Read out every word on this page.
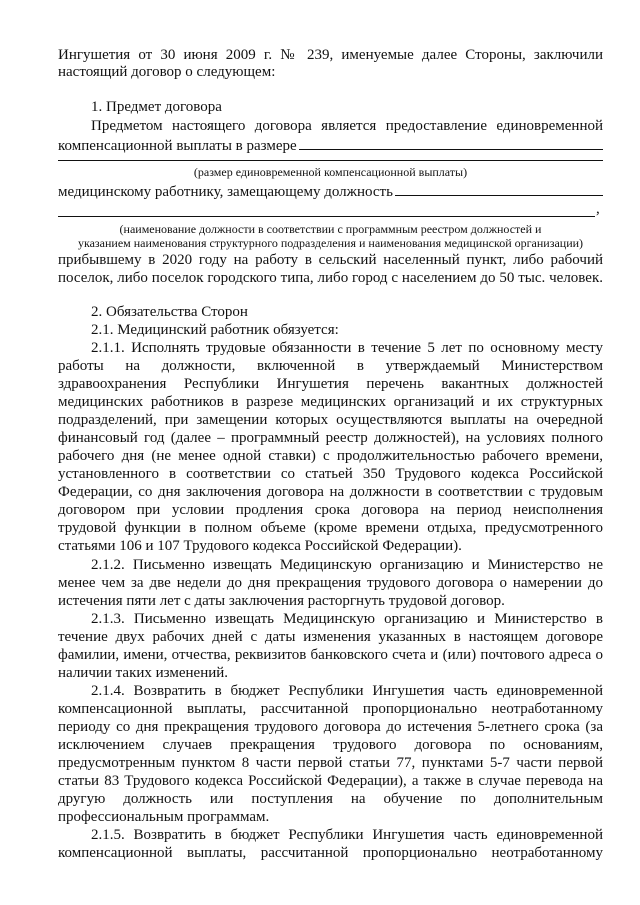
Ингушетия от 30 июня 2009 г. № 239, именуемые далее Стороны, заключили

настоящий договор о следующем:

1. Предмет договора

Предметом настоящего договора является предоставление единовременной

компенсационной выплаты в размере

(размер единовременной компенсационной выплаты)

медицинскому работнику, замещающему должность

,

(наименование должности в соответствии с программным реестром должностей и

указанием наименования структурного подразделения и наименования медицинской организации)

прибывшему в 2020 году на работу в сельский населенный пункт, либо рабочий

поселок, либо поселок городского типа, либо город с населением до 50 тыс. человек.

2. Обязательства Сторон

2.1. Медицинский работник обязуется:

2.1.1. Исполнять трудовые обязанности в течение 5 лет по основному месту

работы на должности, включенной в утверждаемый Министерством

здравоохранения Республики Ингушетия перечень вакантных должностей

медицинских работников в разрезе медицинских организаций и их структурных

подразделений, при замещении которых осуществляются выплаты на очередной

финансовый год (далее – программный реестр должностей), на условиях полного

рабочего дня (не менее одной ставки) с продолжительностью рабочего времени,

установленного в соответствии со статьей 350 Трудового кодекса Российской

Федерации, со дня заключения договора на должности в соответствии с трудовым

договором при условии продления срока договора на период неисполнения

трудовой функции в полном объеме (кроме времени отдыха, предусмотренного

статьями 106 и 107 Трудового кодекса Российской Федерации).

2.1.2. Письменно извещать Медицинскую организацию и Министерство не

менее чем за две недели до дня прекращения трудового договора о намерении до

истечения пяти лет с даты заключения расторгнуть трудовой договор.

2.1.3. Письменно извещать Медицинскую организацию и Министерство в

течение двух рабочих дней с даты изменения указанных в настоящем договоре

фамилии, имени, отчества, реквизитов банковского счета и (или) почтового адреса о

наличии таких изменений.

2.1.4. Возвратить в бюджет Республики Ингушетия часть единовременной

компенсационной выплаты, рассчитанной пропорционально неотработанному

периоду со дня прекращения трудового договора до истечения 5-летнего срока (за

исключением случаев прекращения трудового договора по основаниям,

предусмотренным пунктом 8 части первой статьи 77, пунктами 5-7 части первой

статьи 83 Трудового кодекса Российской Федерации), а также в случае перевода на

другую должность или поступления на обучение по дополнительным

профессиональным программам.

2.1.5. Возвратить в бюджет Республики Ингушетия часть единовременной

компенсационной выплаты, рассчитанной пропорционально неотработанному
